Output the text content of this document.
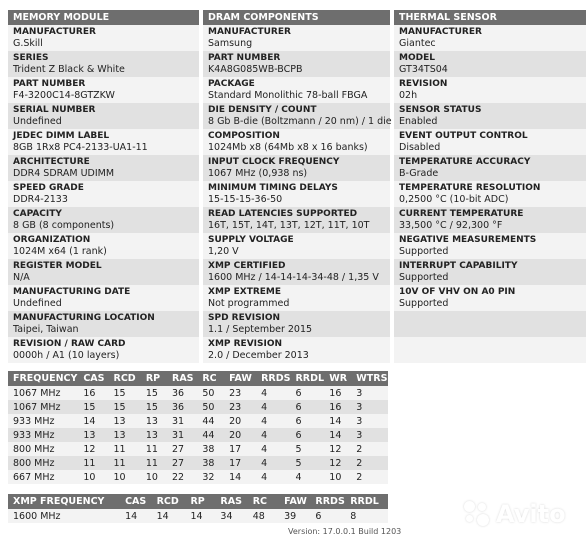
MEMORY MODULE
MANUFACTURER
G.Skill
SERIES
Trident Z Black & White
PART NUMBER
F4-3200C14-8GTZKW
SERIAL NUMBER
Undefined
JEDEC DIMM LABEL
8GB 1Rx8 PC4-2133-UA1-11
ARCHITECTURE
DDR4 SDRAM UDIMM
SPEED GRADE
DDR4-2133
CAPACITY
8 GB (8 components)
ORGANIZATION
1024M x64 (1 rank)
REGISTER MODEL
N/A
MANUFACTURING DATE
Undefined
MANUFACTURING LOCATION
Taipei, Taiwan
REVISION / RAW CARD
0000h / A1 (10 layers)
DRAM COMPONENTS
MANUFACTURER
Samsung
PART NUMBER
K4A8G085WB-BCPB
PACKAGE
Standard Monolithic 78-ball FBGA
DIE DENSITY / COUNT
8 Gb B-die (Boltzmann / 20 nm) / 1 die
COMPOSITION
1024Mb x8 (64Mb x8 x 16 banks)
INPUT CLOCK FREQUENCY
1067 MHz (0,938 ns)
MINIMUM TIMING DELAYS
15-15-15-36-50
READ LATENCIES SUPPORTED
16T, 15T, 14T, 13T, 12T, 11T, 10T
SUPPLY VOLTAGE
1,20 V
XMP CERTIFIED
1600 MHz / 14-14-14-34-48 / 1,35 V
XMP EXTREME
Not programmed
SPD REVISION
1.1 / September 2015
XMP REVISION
2.0 / December 2013
THERMAL SENSOR
MANUFACTURER
Giantec
MODEL
GT34TS04
REVISION
02h
SENSOR STATUS
Enabled
EVENT OUTPUT CONTROL
Disabled
TEMPERATURE ACCURACY
B-Grade
TEMPERATURE RESOLUTION
0,2500 °C (10-bit ADC)
CURRENT TEMPERATURE
33,500 °C / 92,300 °F
NEGATIVE MEASUREMENTS
Supported
INTERRUPT CAPABILITY
Supported
10V OF VHV ON A0 PIN
Supported
FREQUENCY	CAS	RCD	RP	RAS	RC	FAW	RRDS	RRDL	WR	WTRS
1067 MHz	16	15	15	36	50	23	4	6	16	3
1067 MHz	15	15	15	36	50	23	4	6	16	3
933 MHz	14	13	13	31	44	20	4	6	14	3
933 MHz	13	13	13	31	44	20	4	6	14	3
800 MHz	12	11	11	27	38	17	4	5	12	2
800 MHz	11	11	11	27	38	17	4	5	12	2
667 MHz	10	10	10	22	32	14	4	4	10	2
XMP FREQUENCY	CAS	RCD	RP	RAS	RC	FAW	RRDS	RRDL
1600 MHz	14	14	14	34	48	39	6	8
Version: 17.0.0.1 Build 1203
Avito
